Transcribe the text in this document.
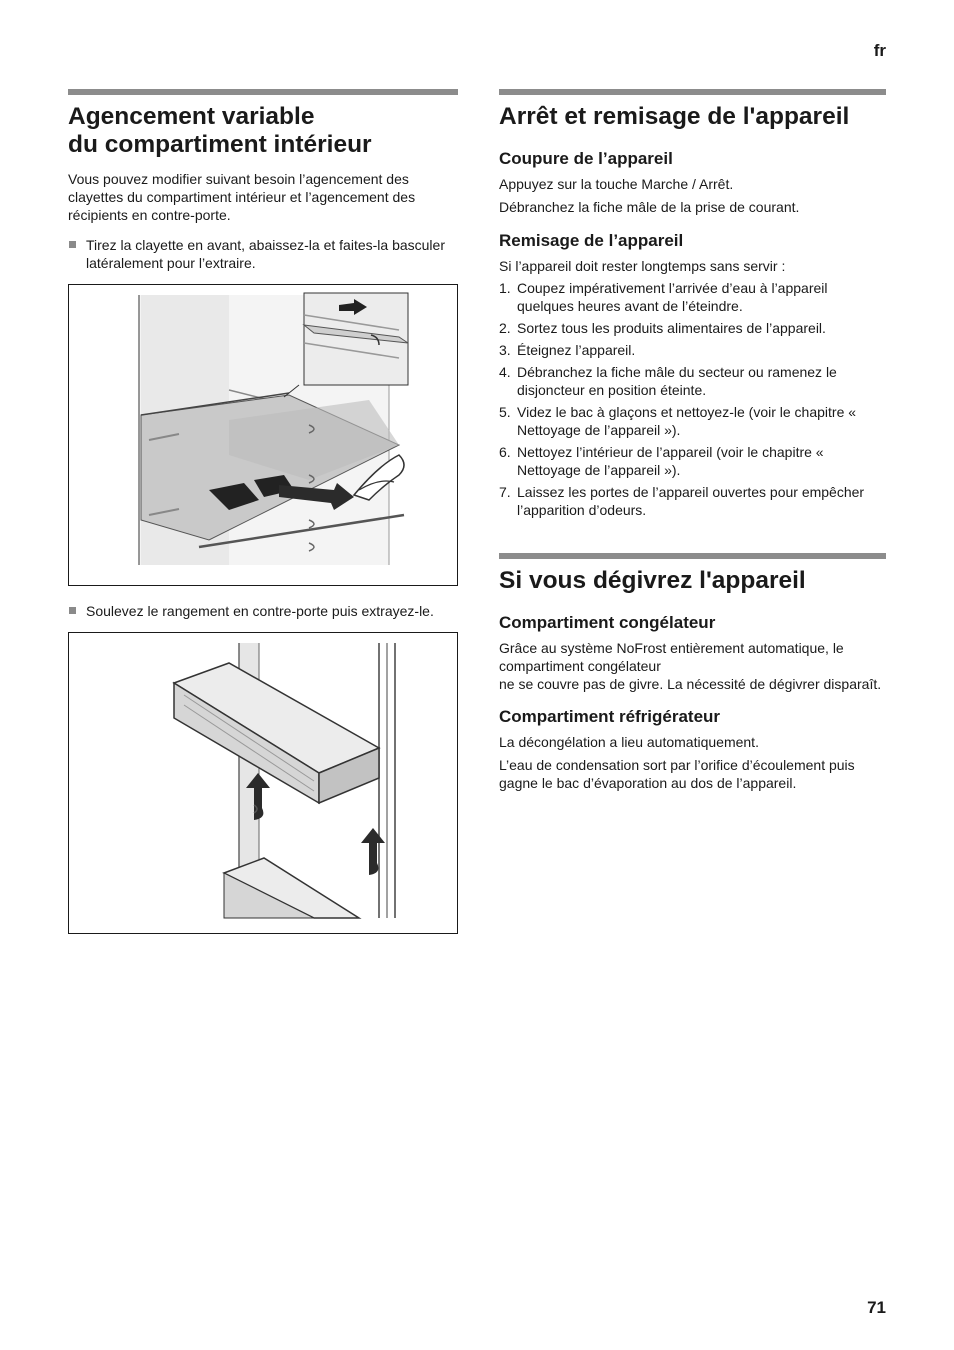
fr
Agencement variable
du compartiment intérieur

Vous pouvez modifier suivant besoin l’agencement des clayettes du compartiment intérieur et l’agencement des récipients en contre-porte.

Tirez la clayette en avant, abaissez-la et faites-la basculer latéralement pour l’extraire.
Soulevez le rangement en contre-porte puis extrayez-le.
Arrêt et remisage de l'appareil
Coupure de l’appareil

Appuyez sur la touche Marche / Arrêt.

Débranchez la fiche mâle de la prise de courant.

Remisage de l’appareil

Si l’appareil doit rester longtemps sans servir :

1. Coupez impérativement l’arrivée d’eau à l’appareil quelques heures avant de l’éteindre.
2. Sortez tous les produits alimentaires de l’appareil.
3. Éteignez l’appareil.
4. Débranchez la fiche mâle du secteur ou ramenez le disjoncteur en position éteinte.
5. Videz le bac à glaçons et nettoyez-le (voir le chapitre « Nettoyage de l’appareil »).
6. Nettoyez l’intérieur de l’appareil (voir le chapitre « Nettoyage de l’appareil »).
7. Laissez les portes de l’appareil ouvertes pour empêcher l’apparition d’odeurs.
Si vous dégivrez l'appareil
Compartiment congélateur

Grâce au système NoFrost entièrement automatique, le compartiment congélateur
ne se couvre pas de givre. La nécessité de dégivrer disparaît.

Compartiment réfrigérateur

La décongélation a lieu automatiquement.

L’eau de condensation sort par l’orifice d’écoulement puis gagne le bac d’évaporation au dos de l’appareil.

71
